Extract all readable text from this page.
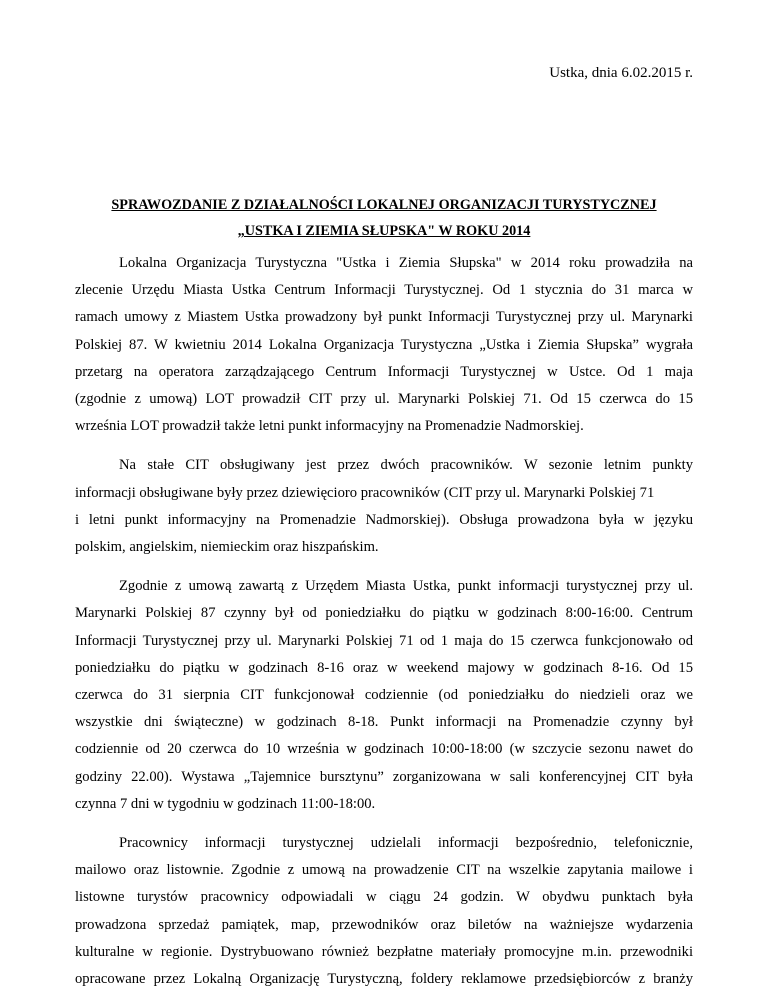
Ustka, dnia 6.02.2015 r.
SPRAWOZDANIE Z DZIAŁALNOŚCI LOKALNEJ ORGANIZACJI TURYSTYCZNEJ
„USTKA I ZIEMIA SŁUPSKA" W ROKU 2014
Lokalna Organizacja Turystyczna "Ustka i Ziemia Słupska" w 2014 roku prowadziła na
zlecenie Urzędu Miasta Ustka Centrum Informacji Turystycznej. Od 1 stycznia do 31 marca w
ramach umowy z Miastem Ustka prowadzony był punkt Informacji Turystycznej przy ul. Marynarki
Polskiej 87. W kwietniu 2014 Lokalna Organizacja Turystyczna „Ustka i Ziemia Słupska” wygrała
przetarg na operatora zarządzającego Centrum Informacji Turystycznej w Ustce. Od 1 maja
(zgodnie z umową) LOT prowadził CIT przy ul. Marynarki Polskiej 71. Od 15 czerwca do 15
września LOT prowadził także letni punkt informacyjny na Promenadzie Nadmorskiej.
Na stałe CIT obsługiwany jest przez dwóch pracowników. W sezonie letnim punkty
informacji obsługiwane były przez dziewięcioro pracowników (CIT przy ul. Marynarki Polskiej 71
i letni punkt informacyjny na Promenadzie Nadmorskiej). Obsługa prowadzona była w języku
polskim, angielskim, niemieckim oraz hiszpańskim.
Zgodnie z umową zawartą z Urzędem Miasta Ustka, punkt informacji turystycznej przy ul.
Marynarki Polskiej 87 czynny był od poniedziałku do piątku w godzinach 8:00-16:00. Centrum
Informacji Turystycznej przy ul. Marynarki Polskiej 71 od 1 maja do 15 czerwca funkcjonowało od
poniedziałku do piątku w godzinach 8-16 oraz w weekend majowy w godzinach 8-16. Od 15
czerwca do 31 sierpnia CIT funkcjonował codziennie (od poniedziałku do niedzieli oraz we
wszystkie dni świąteczne) w godzinach 8-18. Punkt informacji na Promenadzie czynny był
codziennie od 20 czerwca do 10 września w godzinach 10:00-18:00 (w szczycie sezonu nawet do
godziny 22.00). Wystawa „Tajemnice bursztynu” zorganizowana w sali konferencyjnej CIT była
czynna 7 dni w tygodniu w godzinach 11:00-18:00.
Pracownicy informacji turystycznej udzielali informacji bezpośrednio, telefonicznie,
mailowo oraz listownie. Zgodnie z umową na prowadzenie CIT na wszelkie zapytania mailowe i
listowne turystów pracownicy odpowiadali w ciągu 24 godzin. W obydwu punktach była
prowadzona sprzedaż pamiątek, map, przewodników oraz biletów na ważniejsze wydarzenia
kulturalne w regionie. Dystrybuowano również bezpłatne materiały promocyjne m.in. przewodniki
opracowane przez Lokalną Organizację Turystyczną, foldery reklamowe przedsiębiorców z branży
